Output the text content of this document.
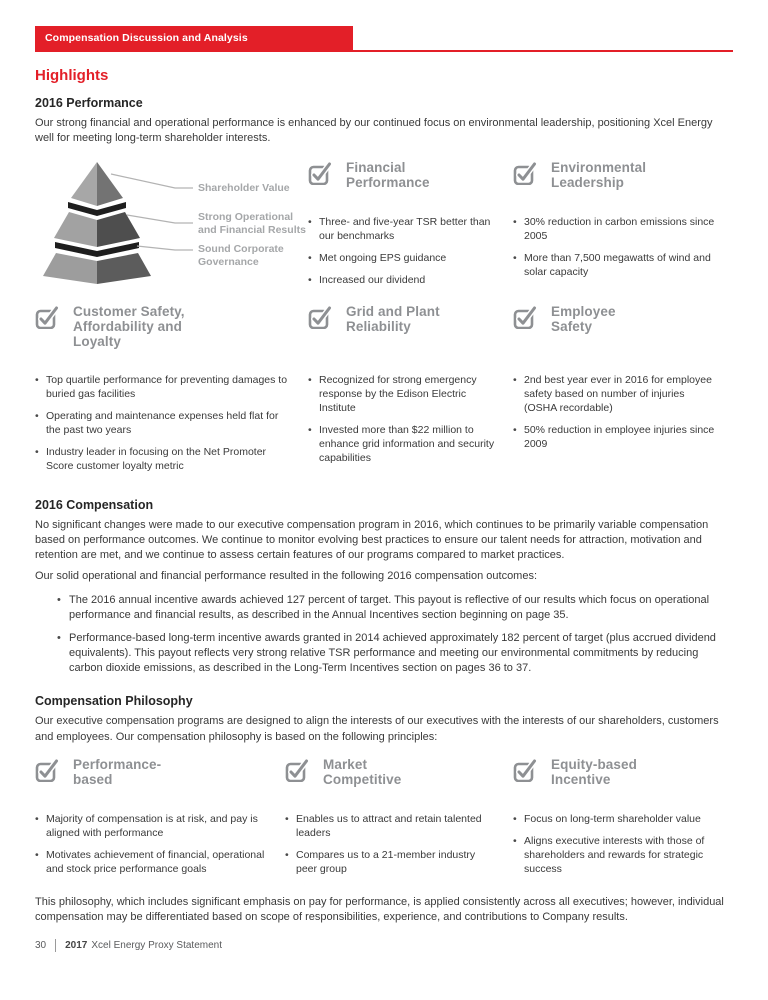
Compensation Discussion and Analysis
Highlights
2016 Performance
Our strong financial and operational performance is enhanced by our continued focus on environmental leadership, positioning Xcel Energy well for meeting long-term shareholder interests.
Shareholder Value
Strong Operational
and Financial Results
Sound Corporate
Governance
Financial
Performance
• Three- and five-year TSR better than our benchmarks
• Met ongoing EPS guidance
• Increased our dividend
Environmental
Leadership
• 30% reduction in carbon emissions since 2005
• More than 7,500 megawatts of wind and solar capacity
Customer Safety,
Affordability and
Loyalty
• Top quartile performance for preventing damages to buried gas facilities
• Operating and maintenance expenses held flat for the past two years
• Industry leader in focusing on the Net Promoter Score customer loyalty metric
Grid and Plant
Reliability
• Recognized for strong emergency response by the Edison Electric Institute
• Invested more than $22 million to enhance grid information and security capabilities
Employee
Safety
• 2nd best year ever in 2016 for employee safety based on number of injuries (OSHA recordable)
• 50% reduction in employee injuries since 2009
2016 Compensation
No significant changes were made to our executive compensation program in 2016, which continues to be primarily variable compensation based on performance outcomes. We continue to monitor evolving best practices to ensure our talent needs for attraction, motivation and retention are met, and we continue to assess certain features of our programs compared to market practices.
Our solid operational and financial performance resulted in the following 2016 compensation outcomes:
• The 2016 annual incentive awards achieved 127 percent of target. This payout is reflective of our results which focus on operational performance and financial results, as described in the Annual Incentives section beginning on page 35.
• Performance-based long-term incentive awards granted in 2014 achieved approximately 182 percent of target (plus accrued dividend equivalents). This payout reflects very strong relative TSR performance and meeting our environmental commitments by reducing carbon dioxide emissions, as described in the Long-Term Incentives section on pages 36 to 37.
Compensation Philosophy
Our executive compensation programs are designed to align the interests of our executives with the interests of our shareholders, customers and employees. Our compensation philosophy is based on the following principles:
Performance-
based
• Majority of compensation is at risk, and pay is aligned with performance
• Motivates achievement of financial, operational and stock price performance goals
Market
Competitive
• Enables us to attract and retain talented leaders
• Compares us to a 21-member industry peer group
Equity-based
Incentive
• Focus on long-term shareholder value
• Aligns executive interests with those of shareholders and rewards for strategic success
This philosophy, which includes significant emphasis on pay for performance, is applied consistently across all executives; however, individual compensation may be differentiated based on scope of responsibilities, experience, and contributions to Company results.
30 2017 Xcel Energy Proxy Statement
